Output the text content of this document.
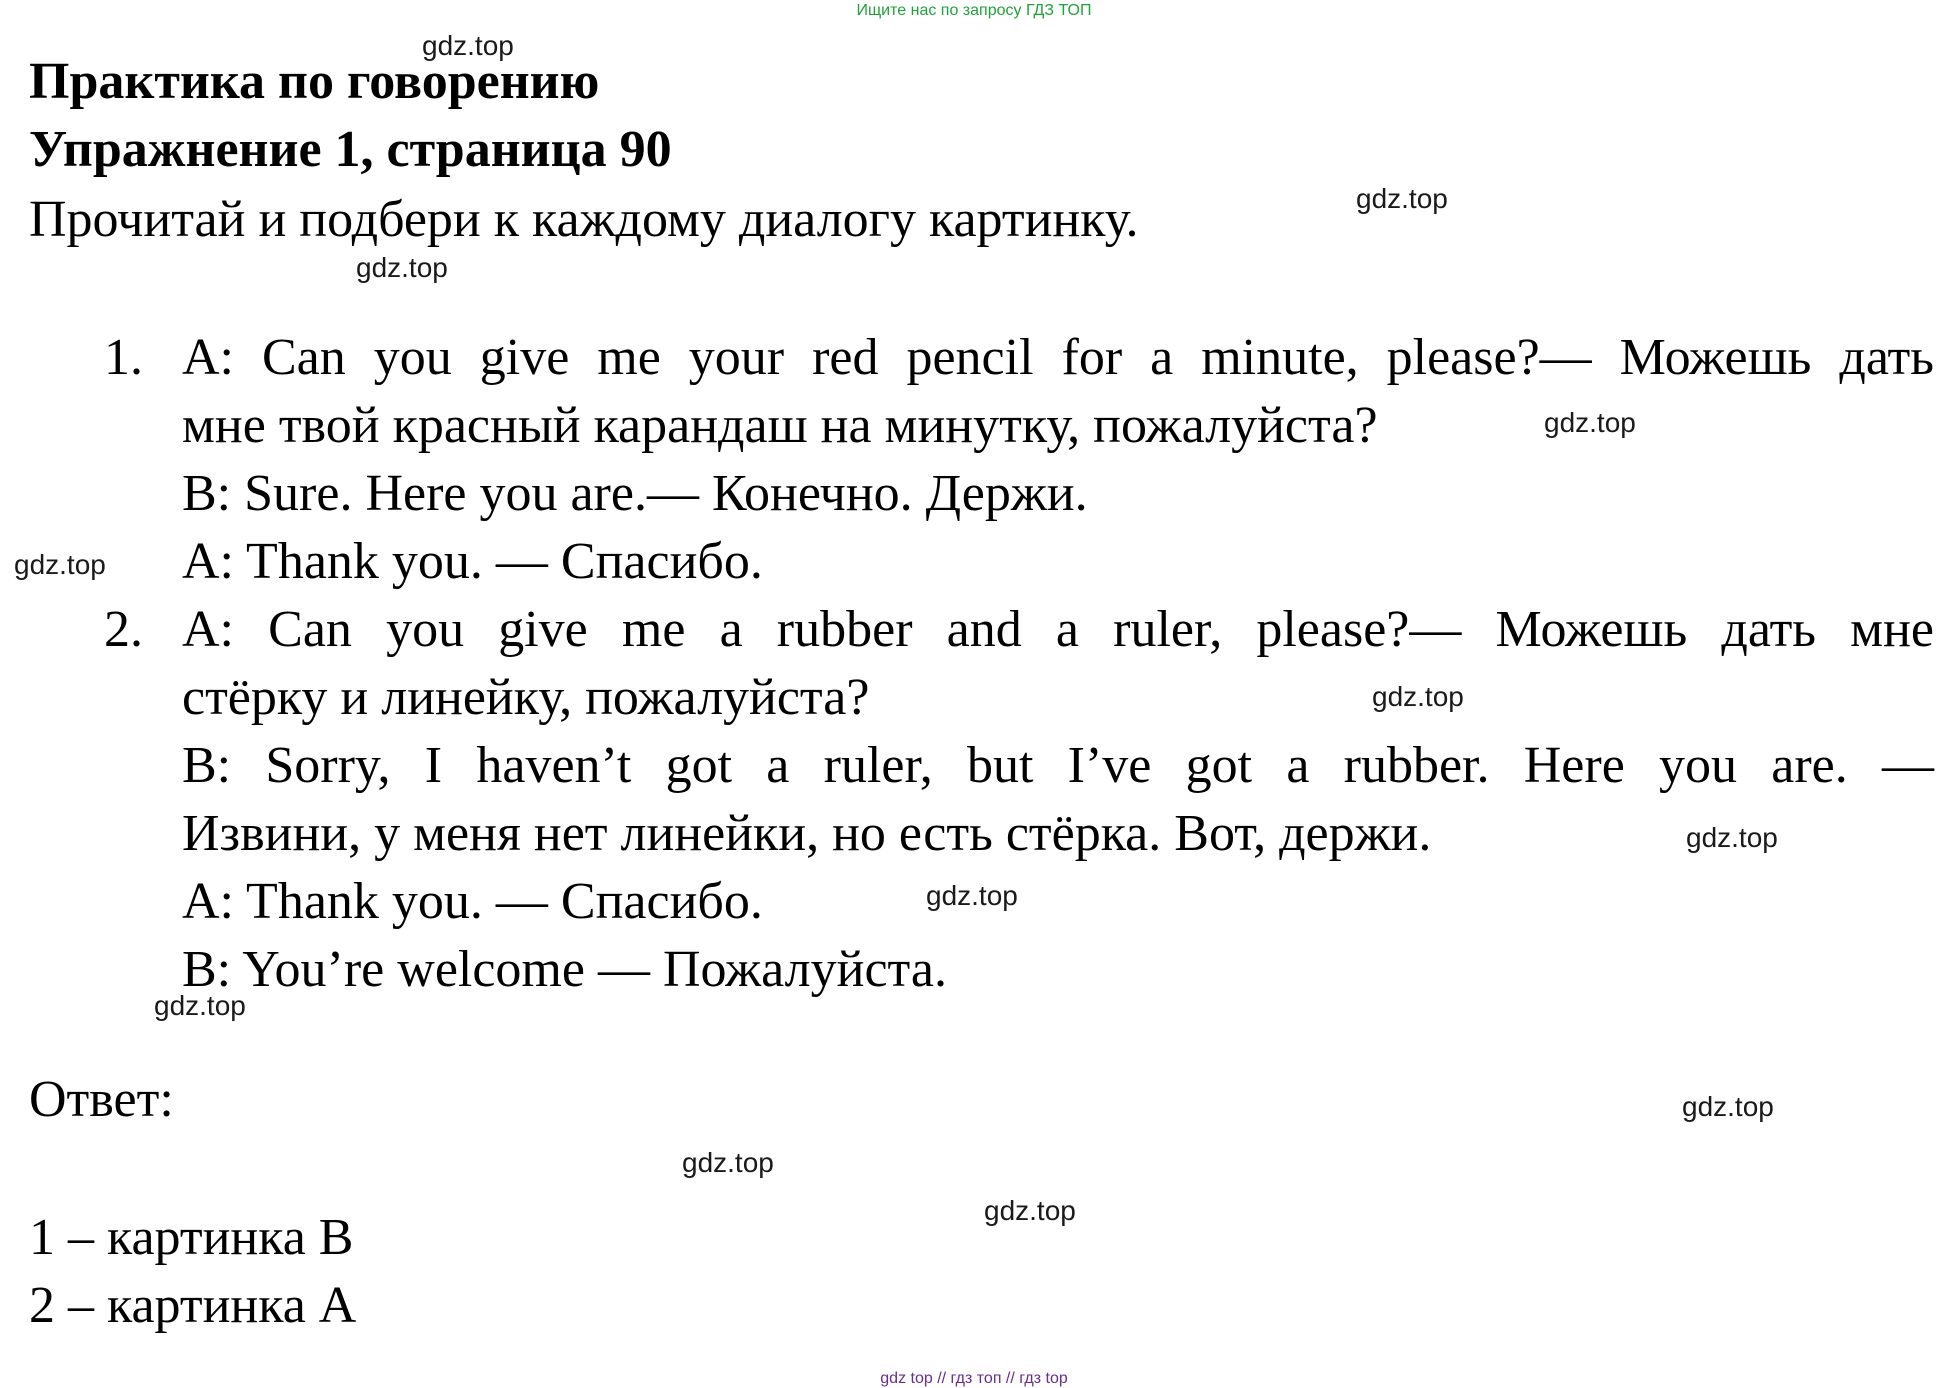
Ищите нас по запросу ГДЗ ТОП
Практика по говорению
Упражнение 1, страница 90
Прочитай и подбери к каждому диалогу картинку.
1. A: Can you give me your red pencil for a minute, please?— Можешь дать
мне твой красный карандаш на минутку, пожалуйста?
B: Sure. Here you are.— Конечно. Держи.
A: Thank you. — Спасибо.
2. A: Can you give me a rubber and a ruler, please?— Можешь дать мне
стёрку и линейку, пожалуйста?
B: Sorry, I haven’t got a ruler, but I’ve got a rubber. Here you are. —
Извини, у меня нет линейки, но есть стёрка. Вот, держи.
A: Thank you. — Спасибо.
B: You’re welcome — Пожалуйста.
Ответ:
1 – картинка B
2 – картинка A
gdz.top
gdz.top
gdz.top
gdz.top
gdz.top
gdz.top
gdz.top
gdz.top
gdz.top
gdz.top
gdz.top
gdz.top
gdz top // гдз топ // гдз top
